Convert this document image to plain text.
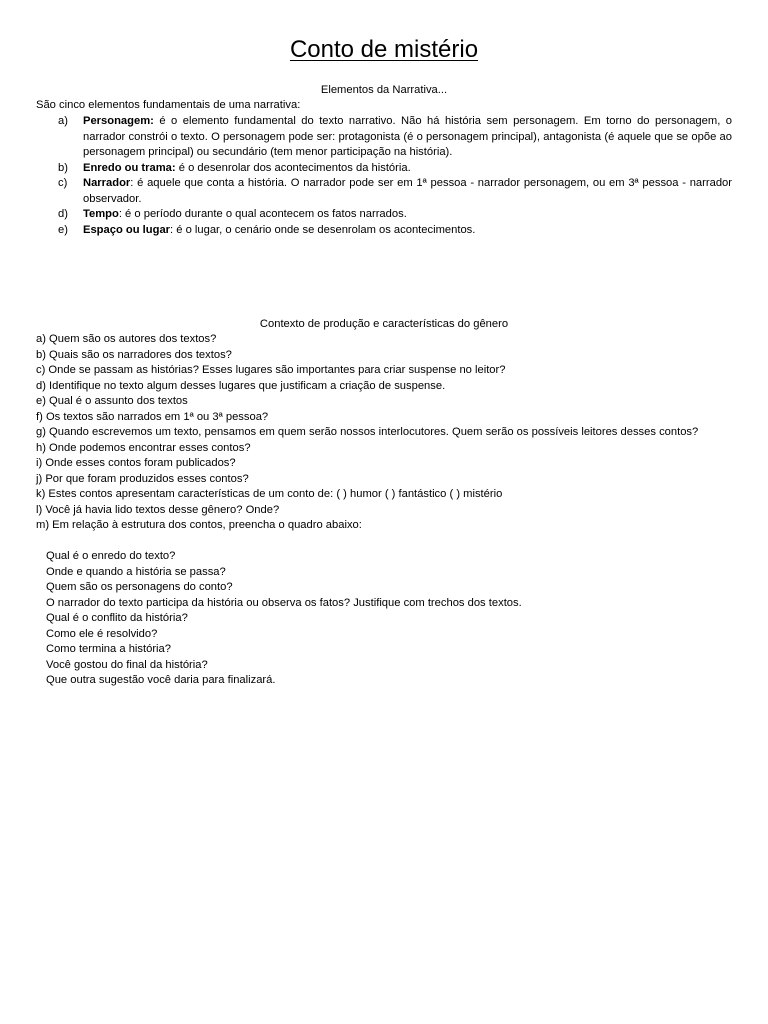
Conto de mistério
Elementos da Narrativa...
São cinco elementos fundamentais de uma narrativa:
a) Personagem: é o elemento fundamental do texto narrativo. Não há história sem personagem. Em torno do personagem, o narrador constrói o texto. O personagem pode ser: protagonista (é o personagem principal), antagonista (é aquele que se opõe ao personagem principal) ou secundário (tem menor participação na história).
b) Enredo ou trama: é o desenrolar dos acontecimentos da história.
c) Narrador: é aquele que conta a história. O narrador pode ser em 1ª pessoa - narrador personagem, ou em 3ª pessoa - narrador observador.
d) Tempo: é o período durante o qual acontecem os fatos narrados.
e) Espaço ou lugar: é o lugar, o cenário onde se desenrolam os acontecimentos.
Contexto de produção e características do gênero
a) Quem são os autores dos textos?
b) Quais são os narradores dos textos?
c) Onde se passam as histórias? Esses lugares são importantes para criar suspense no leitor?
d) Identifique no texto algum desses lugares que justificam a criação de suspense.
e) Qual é o assunto dos textos
f) Os textos são narrados em 1ª ou 3ª pessoa?
g) Quando escrevemos um texto, pensamos em quem serão nossos interlocutores. Quem serão os possíveis leitores desses contos?
h) Onde podemos encontrar esses contos?
i) Onde esses contos foram publicados?
j) Por que foram produzidos esses contos?
k) Estes contos apresentam características de um conto de: ( ) humor ( ) fantástico ( ) mistério
l) Você já havia lido textos desse gênero? Onde?
m) Em relação à estrutura dos contos, preencha o quadro abaixo:
Qual é o enredo do texto?
Onde e quando a história se passa?
Quem são os personagens do conto?
O narrador do texto participa da história ou observa os fatos? Justifique com trechos dos textos.
Qual é o conflito da história?
Como ele é resolvido?
Como termina a história?
Você gostou do final da história?
Que outra sugestão você daria para finalizará.
